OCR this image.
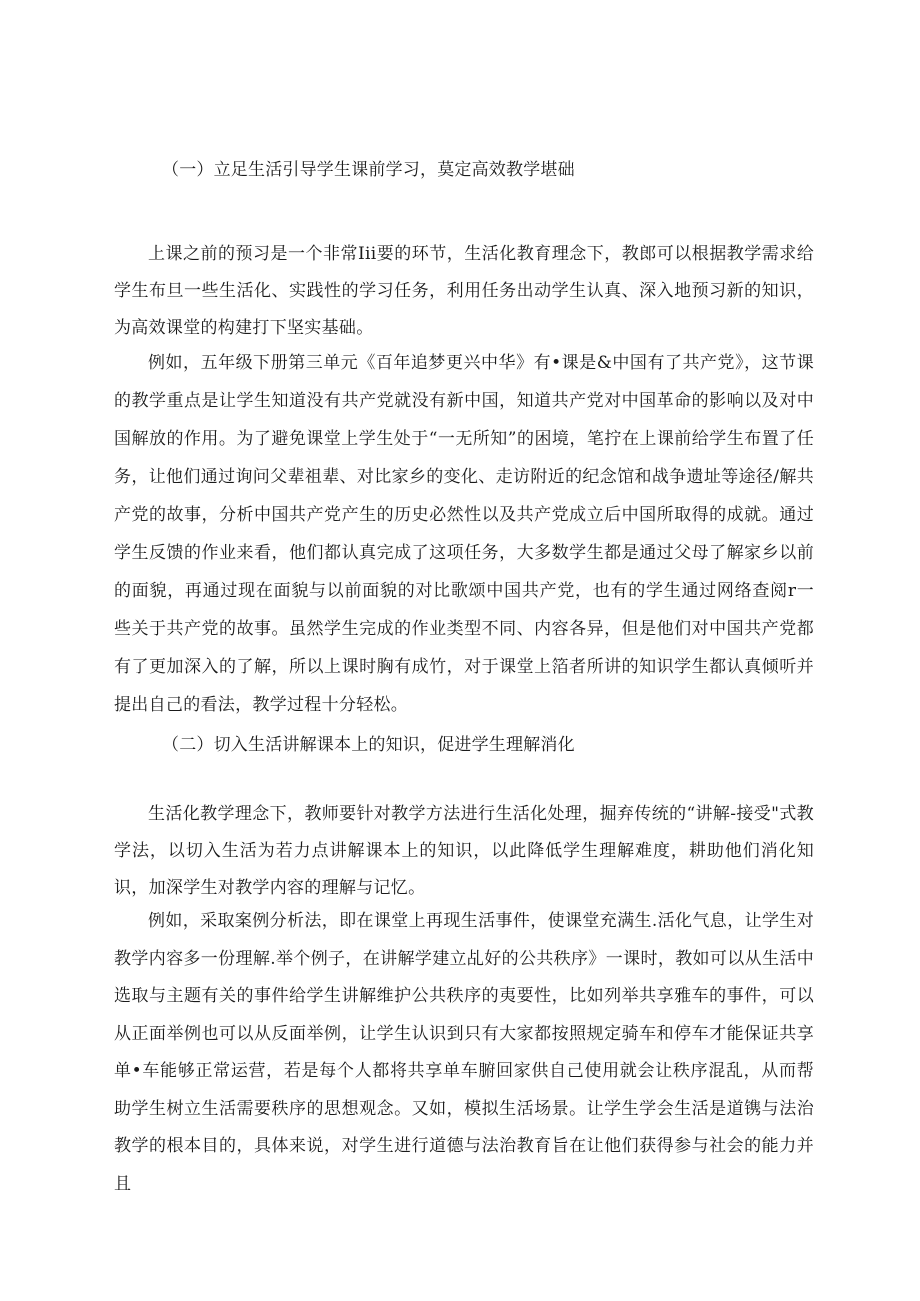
（一）立足生活引导学生课前学习，莫定高效教学堪础
上课之前的预习是一个非常Iii要的环节，生活化教育理念下，教郎可以根据教学需求给学生布旦一些生活化、实践性的学习任务，利用任务出动学生认真、深入地预习新的知识，为高效课堂的构建打下坚实基础。
例如，五年级下册第三单元《百年追梦更兴中华》有•课是&中国有了共产党》，这节课的教学重点是让学生知道没有共产党就没有新中国，知道共产党对中国革命的影响以及对中国解放的作用。为了避免课堂上学生处于“一无所知”的困境，笔拧在上课前给学生布置了任务，让他们通过询问父辈祖辈、对比家乡的变化、走访附近的纪念馆和战争遗址等途径/解共产党的故事，分析中国共产党产生的历史必然性以及共产党成立后中国所取得的成就。通过学生反馈的作业来看，他们都认真完成了这项任务，大多数学生都是通过父母了解家乡以前的面貌，再通过现在面貌与以前面貌的对比歌颂中国共产党，也有的学生通过网络查阅r一些关于共产党的故事。虽然学生完成的作业类型不同、内容各异，但是他们对中国共产党都有了更加深入的了解，所以上课时胸有成竹，对于课堂上箔者所讲的知识学生都认真倾听并提出自己的看法，教学过程十分轻松。
（二）切入生活讲解课本上的知识，促进学生理解消化
生活化教学理念下，教师要针对教学方法进行生活化处理，掘弃传统的“讲解-接受"式教学法，以切入生活为若力点讲解课本上的知识，以此降低学生理解难度，耕助他们消化知识，加深学生对教学内容的理解与记忆。
例如，采取案例分析法，即在课堂上再现生活事件，使课堂充满生.活化气息，让学生对教学内容多一份理解.举个例子，在讲解学建立乩好的公共秩序》一课时，教如可以从生活中选取与主题有关的事件给学生讲解维护公共秩序的夷要性，比如列举共享雅车的事件，可以从正面举例也可以从反面举例，让学生认识到只有大家都按照规定骑车和停车才能保证共享单•车能够正常运营，若是每个人都将共享单车腑回家供自己使用就会让秩序混乱，从而帮助学生树立生活需要秩序的思想观念。又如，模拟生活场景。让学生学会生活是道镌与法治教学的根本目的，具体来说，对学生进行道德与法治教育旨在让他们获得参与社会的能力并且
